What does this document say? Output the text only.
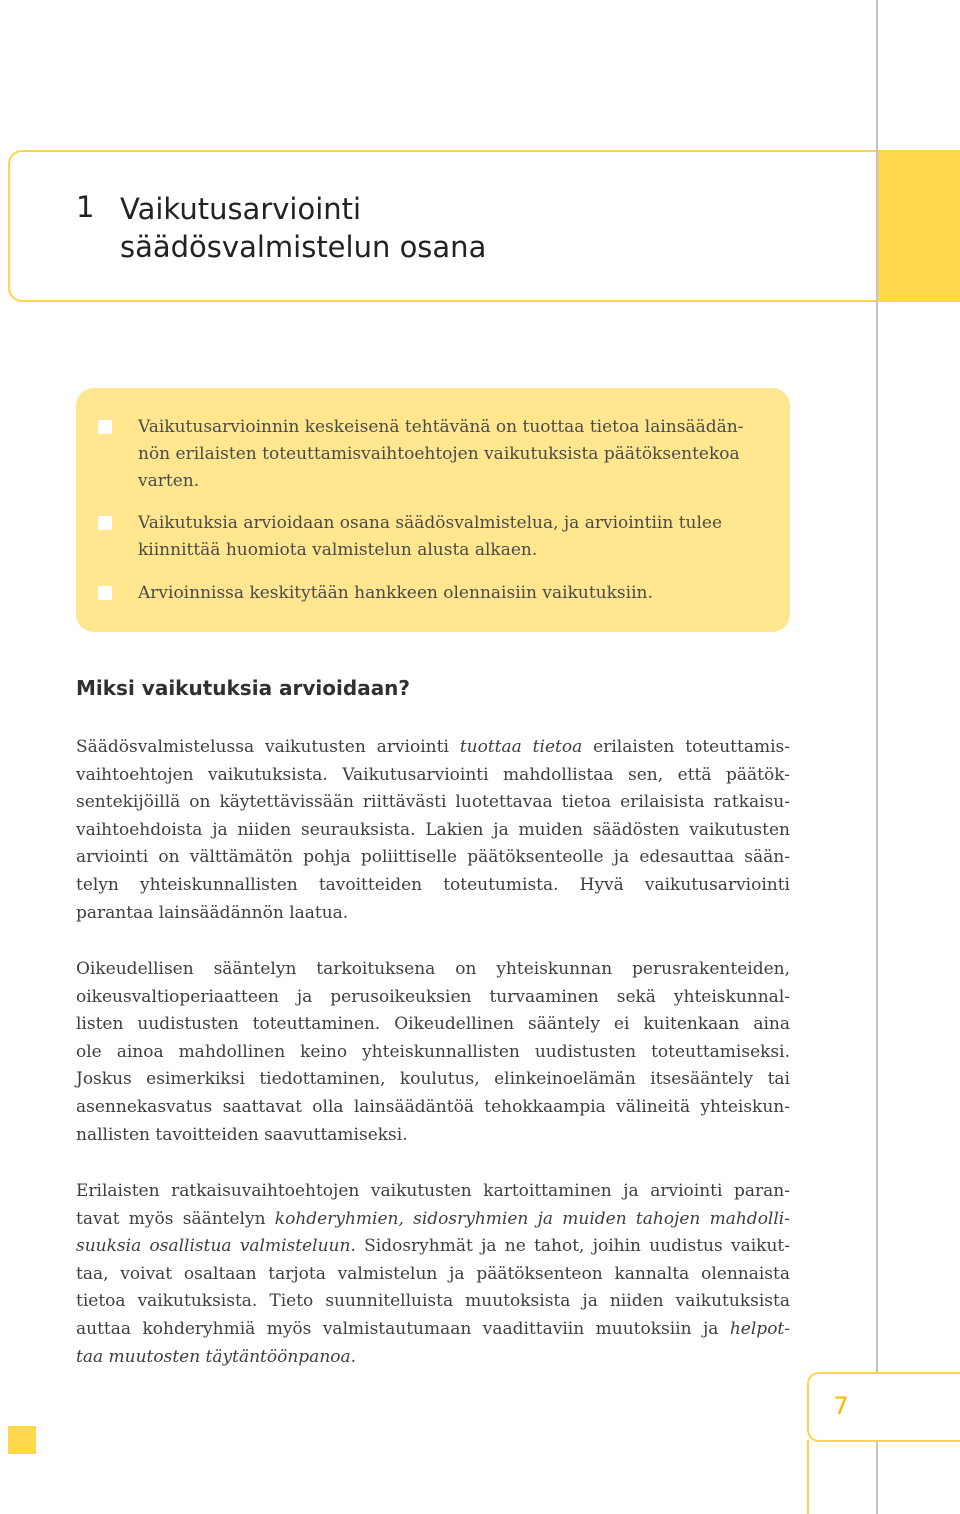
1 Vaikutusarviointi
säädösvalmistelun osana
Vaikutusarvioinnin keskeisenä tehtävänä on tuottaa tietoa lainsäädän-
nön erilaisten toteuttamisvaihtoehtojen vaikutuksista päätöksentekoa
varten.
Vaikutuksia arvioidaan osana säädösvalmistelua, ja arviointiin tulee
kiinnittää huomiota valmistelun alusta alkaen.
Arvioinnissa keskitytään hankkeen olennaisiin vaikutuksiin.
Miksi vaikutuksia arvioidaan?
Säädösvalmistelussa vaikutusten arviointi tuottaa tietoa erilaisten toteuttamis-
vaihtoehtojen vaikutuksista. Vaikutusarviointi mahdollistaa sen, että päätök-
sentekijöillä on käytettävissään riittävästi luotettavaa tietoa erilaisista ratkaisu-
vaihtoehdoista ja niiden seurauksista. Lakien ja muiden säädösten vaikutusten
arviointi on välttämätön pohja poliittiselle päätöksenteolle ja edesauttaa sään-
telyn yhteiskunnallisten tavoitteiden toteutumista. Hyvä vaikutusarviointi
parantaa lainsäädännön laatua.
Oikeudellisen sääntelyn tarkoituksena on yhteiskunnan perusrakenteiden,
oikeusvaltioperiaatteen ja perusoikeuksien turvaaminen sekä yhteiskunnal-
listen uudistusten toteuttaminen. Oikeudellinen sääntely ei kuitenkaan aina
ole ainoa mahdollinen keino yhteiskunnallisten uudistusten toteuttamiseksi.
Joskus esimerkiksi tiedottaminen, koulutus, elinkeinoelämän itsesääntely tai
asennekasvatus saattavat olla lainsäädäntöä tehokkaampia välineitä yhteiskun-
nallisten tavoitteiden saavuttamiseksi.
Erilaisten ratkaisuvaihtoehtojen vaikutusten kartoittaminen ja arviointi paran-
tavat myös sääntelyn kohderyhmien, sidosryhmien ja muiden tahojen mahdolli-
suuksia osallistua valmisteluun. Sidosryhmät ja ne tahot, joihin uudistus vaikut-
taa, voivat osaltaan tarjota valmistelun ja päätöksenteon kannalta olennaista
tietoa vaikutuksista. Tieto suunnitelluista muutoksista ja niiden vaikutuksista
auttaa kohderyhmiä myös valmistautumaan vaadittaviin muutoksiin ja helpot-
taa muutosten täytäntöönpanoa.
7
